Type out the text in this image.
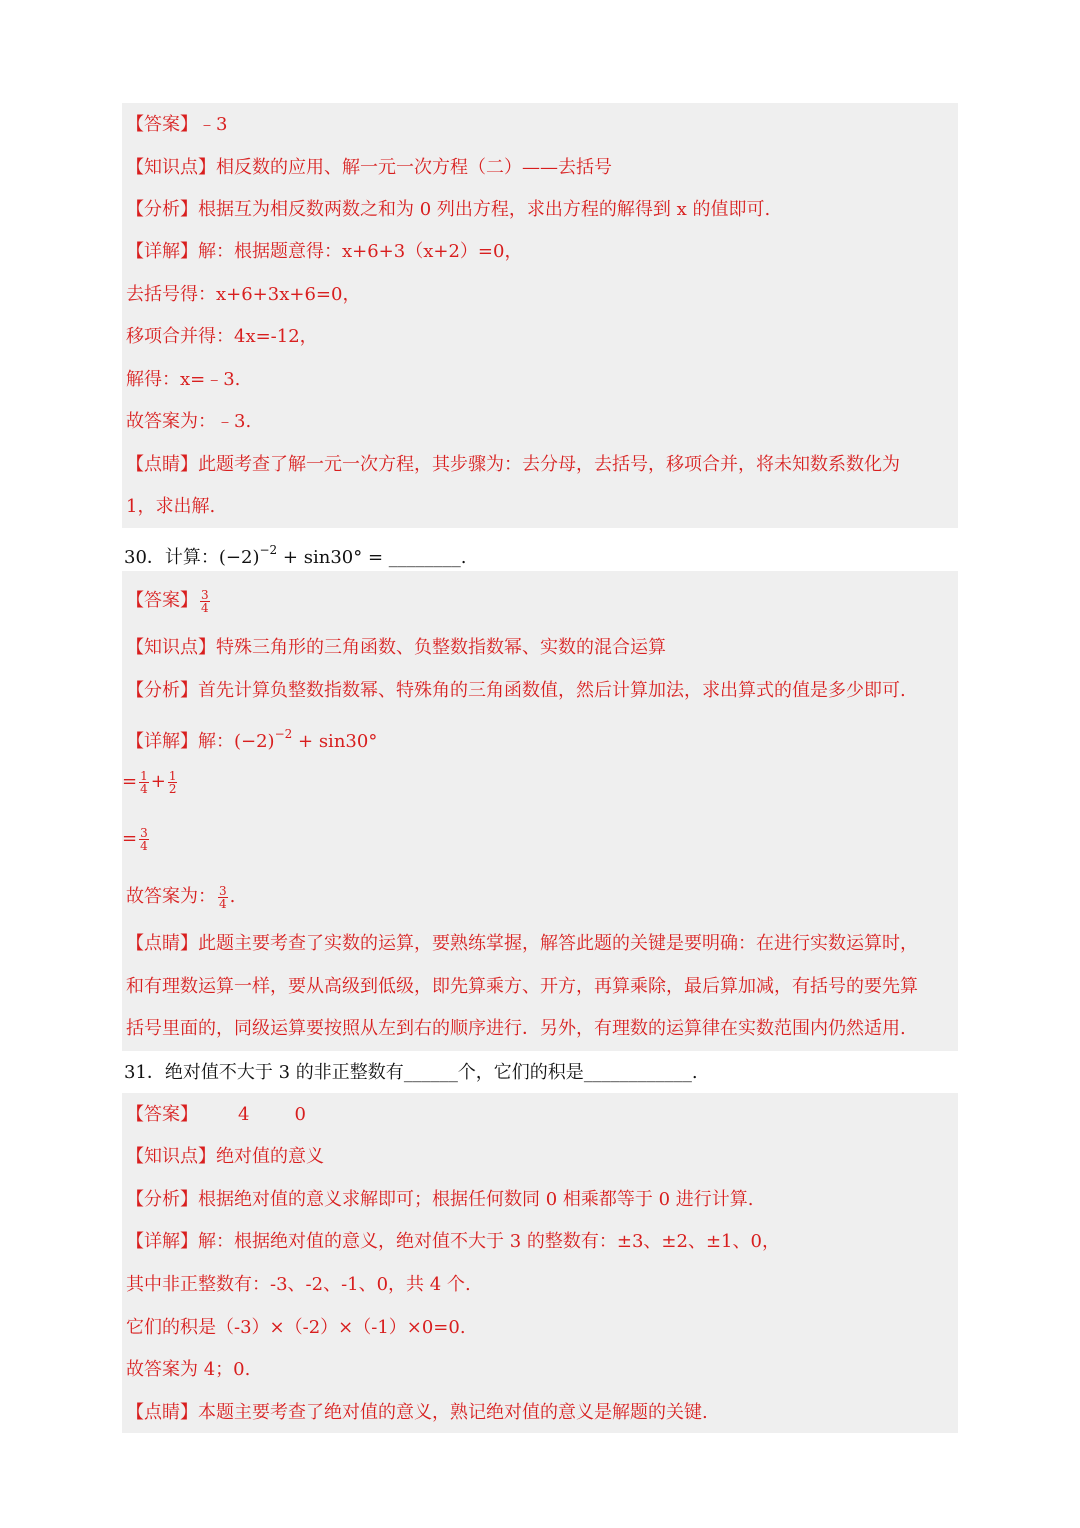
【答案】﹣3
【知识点】相反数的应用、解一元一次方程（二）——去括号
【分析】根据互为相反数两数之和为 0 列出方程，求出方程的解得到 x 的值即可.
【详解】解：根据题意得：x+6+3（x+2）=0，
去括号得：x+6+3x+6=0，
移项合并得：4x=-12，
解得：x=﹣3.
故答案为：﹣3.
【点睛】此题考查了解一元一次方程，其步骤为：去分母，去括号，移项合并，将未知数系数化为
1，求出解.
30．计算：$(-2)^{-2} + \sin 30^\circ$ = ________.
【答案】 $\frac{3}{4}$
【知识点】特殊三角形的三角函数、负整数指数幂、实数的混合运算
【分析】首先计算负整数指数幂、特殊角的三角函数值，然后计算加法，求出算式的值是多少即可.
【详解】解：$(-2)^{-2} + \sin 30^\circ$
= $\frac{1}{4} + \frac{1}{2}$
= $\frac{3}{4}$
故答案为： $\frac{3}{4}$ .
【点睛】此题主要考查了实数的运算，要熟练掌握，解答此题的关键是要明确：在进行实数运算时，
和有理数运算一样，要从高级到低级，即先算乘方、开方，再算乘除，最后算加减，有括号的要先算
括号里面的，同级运算要按照从左到右的顺序进行．另外，有理数的运算律在实数范围内仍然适用.
31．绝对值不大于 3 的非正整数有______个，它们的积是____________.
【答案】 4	0
【知识点】绝对值的意义
【分析】根据绝对值的意义求解即可；根据任何数同 0 相乘都等于 0 进行计算.
【详解】解：根据绝对值的意义，绝对值不大于 3 的整数有：±3、±2、±1、0，
其中非正整数有：-3、-2、-1、0，共 4 个.
它们的积是（-3）×（-2）×（-1）×0=0.
故答案为 4；0.
【点睛】本题主要考查了绝对值的意义，熟记绝对值的意义是解题的关键.
